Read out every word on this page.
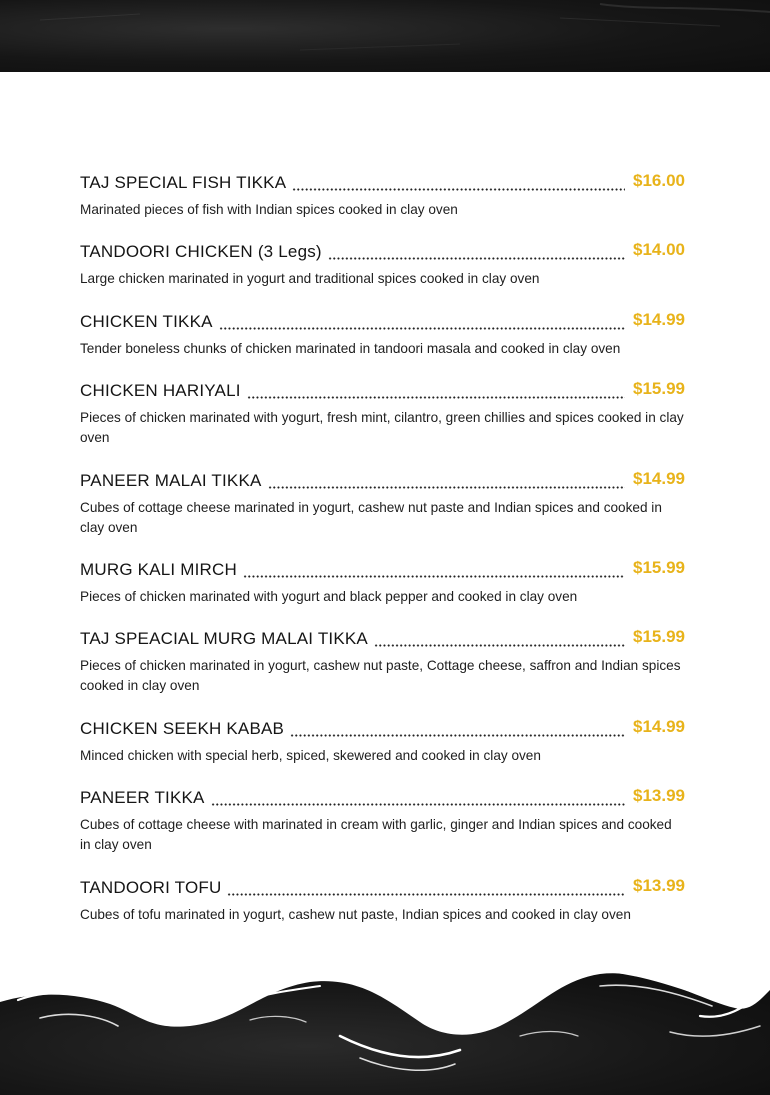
TAJ SPECIAL FISH TIKKA	$16.00
Marinated pieces of fish with Indian spices cooked in clay oven
TANDOORI CHICKEN (3 Legs)	$14.00
Large chicken marinated in yogurt and traditional spices cooked in clay oven
CHICKEN TIKKA	$14.99
Tender boneless chunks of chicken marinated in tandoori masala and cooked in clay oven
CHICKEN HARIYALI	$15.99
Pieces of chicken marinated with yogurt, fresh mint, cilantro, green chillies and spices cooked in clay oven
PANEER MALAI TIKKA	$14.99
Cubes of cottage cheese marinated in yogurt, cashew nut paste and Indian spices and cooked in clay oven
MURG KALI MIRCH	$15.99
Pieces of chicken marinated with yogurt and black pepper and cooked in clay oven
TAJ SPEACIAL MURG MALAI TIKKA	$15.99
Pieces of chicken marinated in yogurt, cashew nut paste, Cottage cheese, saffron and Indian spices cooked in clay oven
CHICKEN SEEKH KABAB	$14.99
Minced chicken with special herb, spiced, skewered and cooked in clay oven
PANEER TIKKA	$13.99
Cubes of cottage cheese with marinated in cream with garlic, ginger and Indian spices and cooked in clay oven
TANDOORI TOFU	$13.99
Cubes of tofu marinated in yogurt, cashew nut paste, Indian spices and cooked in clay oven
